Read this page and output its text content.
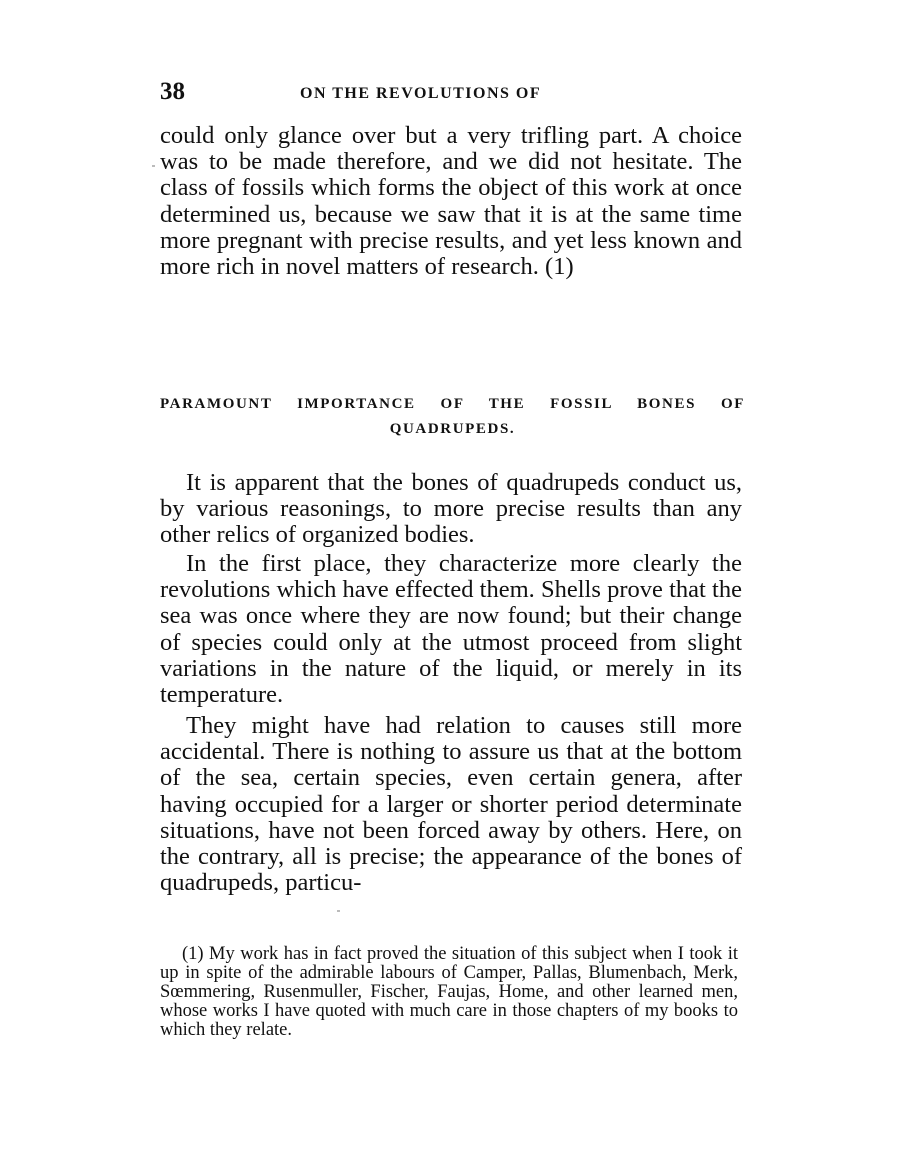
38	ON THE REVOLUTIONS OF

could only glance over but a very trifling part. A choice was to be made therefore, and we did not hesitate. The class of fossils which forms the object of this work at once determined us, because we saw that it is at the same time more pregnant with precise results, and yet less known and more rich in novel matters of research. (1)

PARAMOUNT IMPORTANCE OF THE FOSSIL BONES OF
QUADRUPEDS.

It is apparent that the bones of quadrupeds conduct us, by various reasonings, to more precise results than any other relics of organized bodies.

In the first place, they characterize more clearly the revolutions which have effected them. Shells prove that the sea was once where they are now found; but their change of species could only at the utmost proceed from slight variations in the nature of the liquid, or merely in its temperature.

They might have had relation to causes still more accidental. There is nothing to assure us that at the bottom of the sea, certain species, even certain genera, after having occupied for a larger or shorter period determinate situations, have not been forced away by others. Here, on the contrary, all is precise; the appearance of the bones of quadrupeds, particu-

(1) My work has in fact proved the situation of this subject when I took it up in spite of the admirable labours of Camper, Pallas, Blumenbach, Merk, Sœmmering, Rusenmuller, Fischer, Faujas, Home, and other learned men, whose works I have quoted with much care in those chapters of my books to which they relate.
